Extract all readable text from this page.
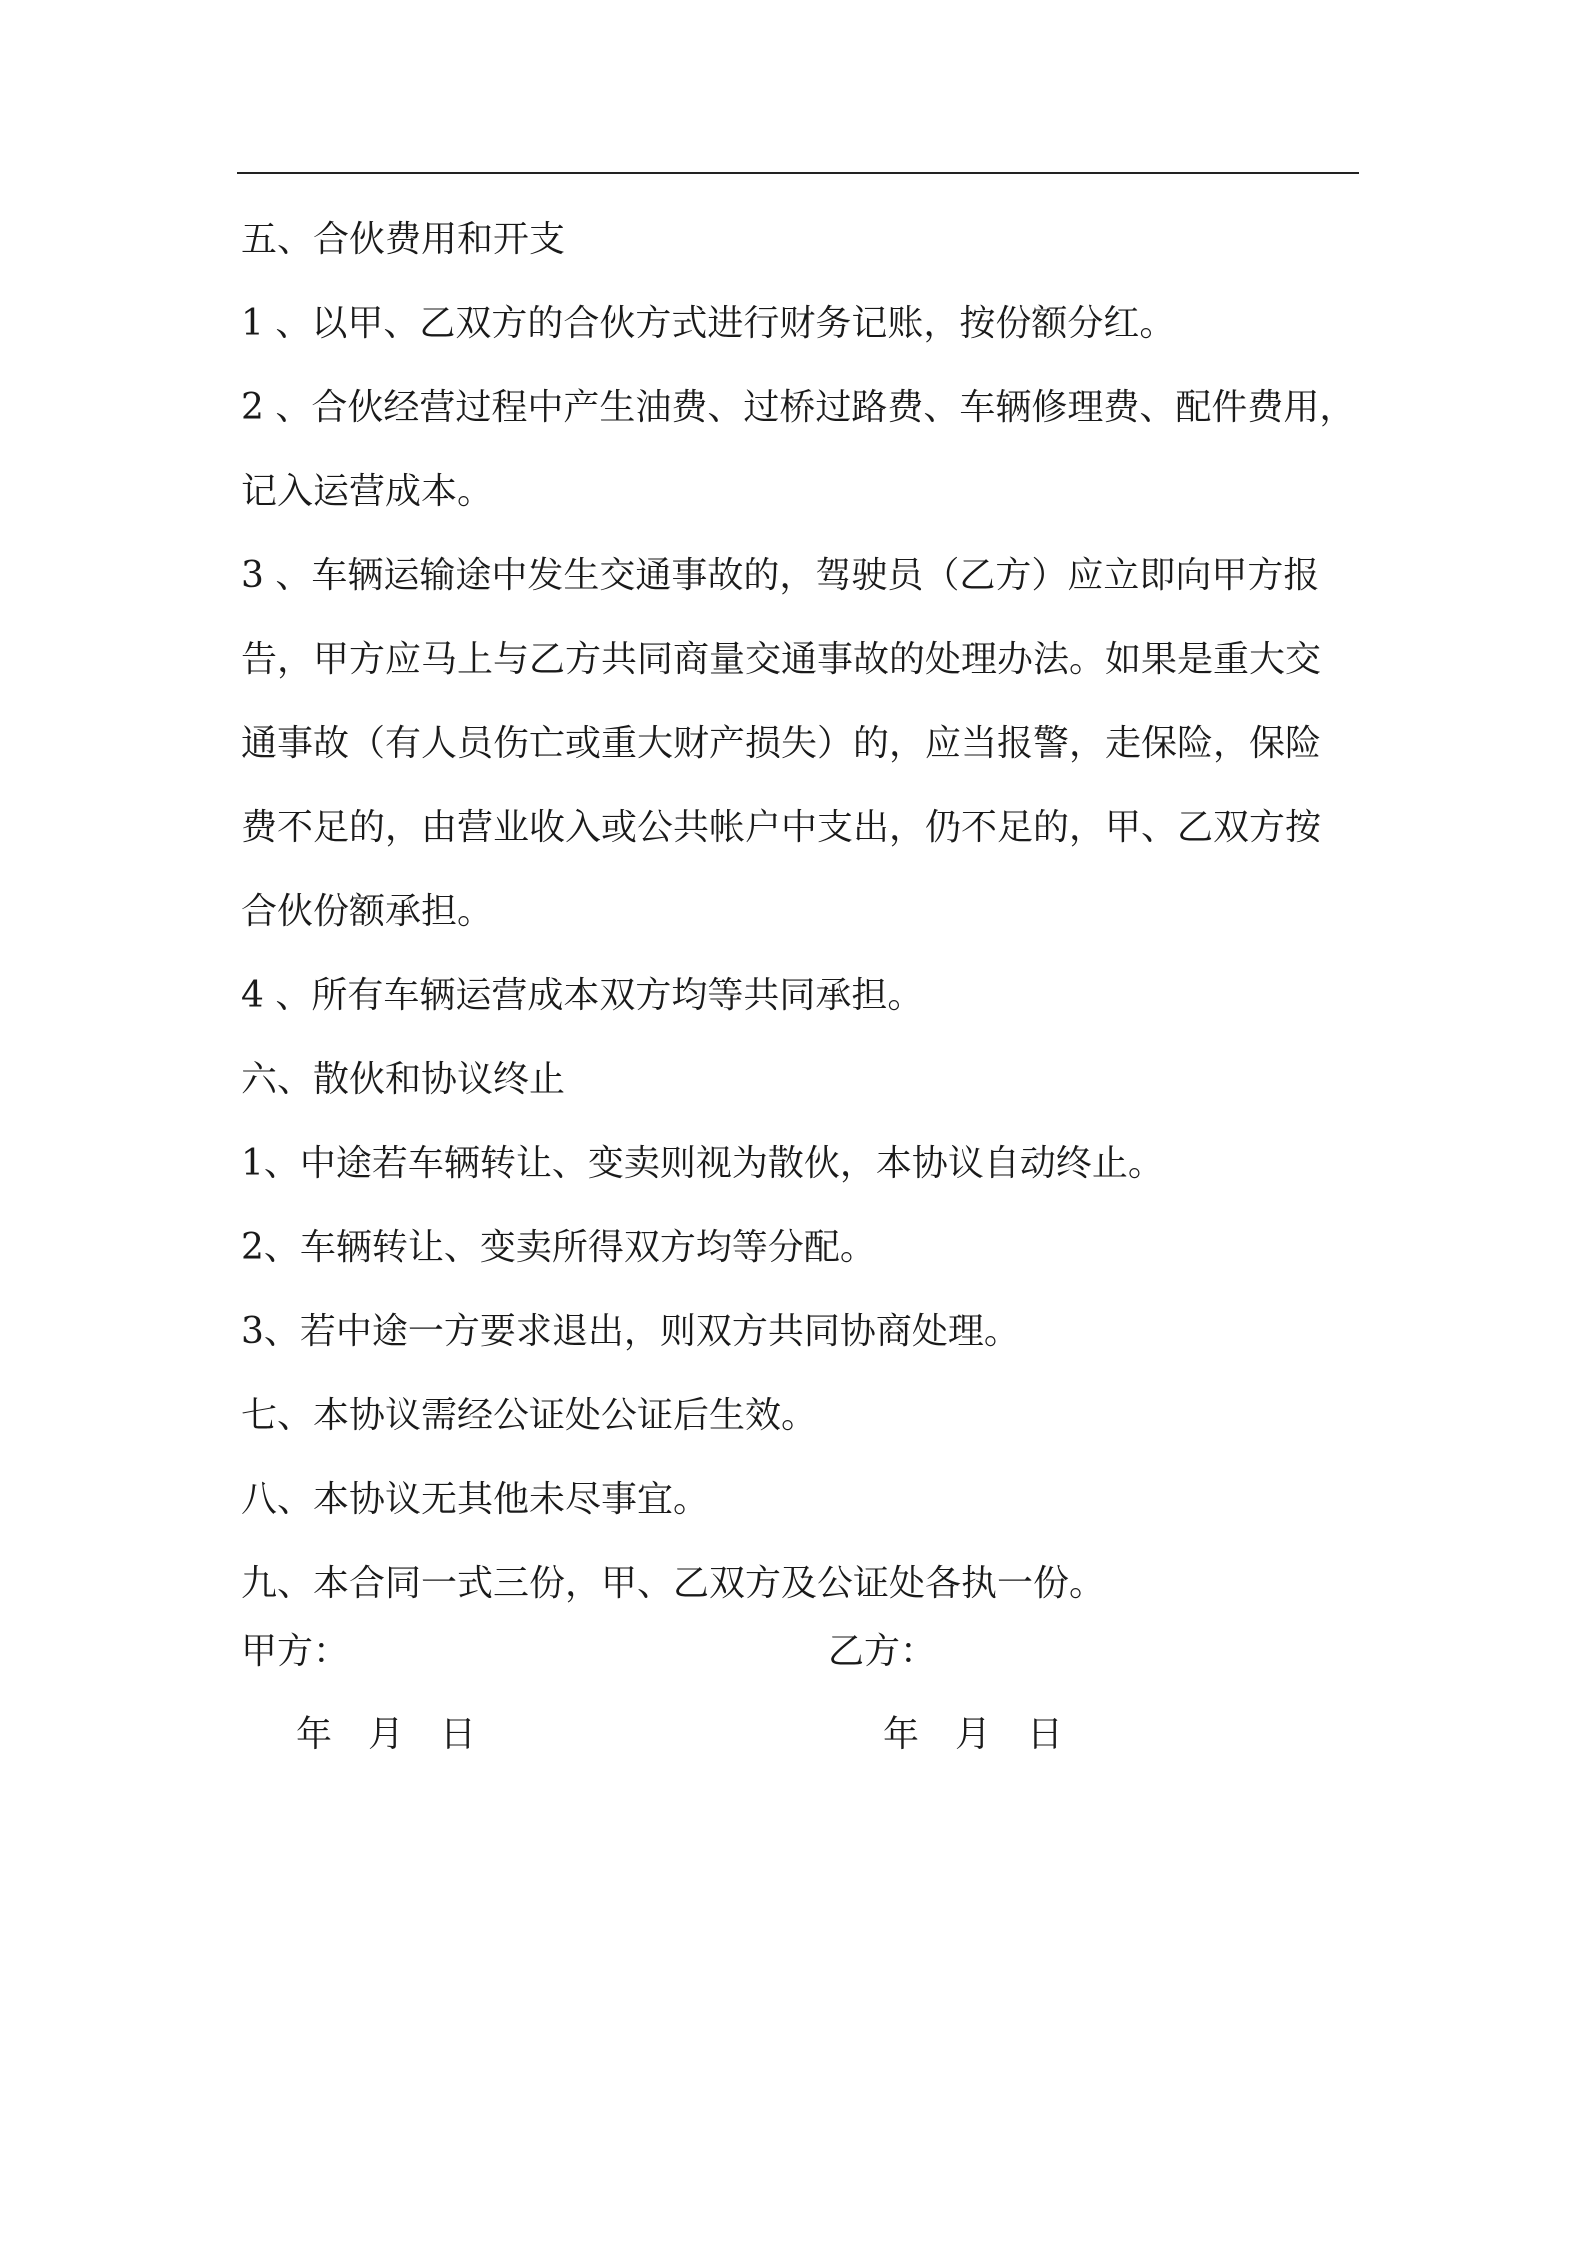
五、合伙费用和开支
1 、以甲、乙双方的合伙方式进行财务记账，按份额分红。
2 、合伙经营过程中产生油费、过桥过路费、车辆修理费、配件费用，
记入运营成本。
3 、车辆运输途中发生交通事故的，驾驶员（乙方）应立即向甲方报
告，甲方应马上与乙方共同商量交通事故的处理办法。如果是重大交
通事故（有人员伤亡或重大财产损失）的，应当报警，走保险，保险
费不足的，由营业收入或公共帐户中支出，仍不足的，甲、乙双方按
合伙份额承担。
4 、所有车辆运营成本双方均等共同承担。
六、散伙和协议终止
1、中途若车辆转让、变卖则视为散伙，本协议自动终止。
2、车辆转让、变卖所得双方均等分配。
3、若中途一方要求退出，则双方共同协商处理。
七、本协议需经公证处公证后生效。
八、本协议无其他未尽事宜。
九、本合同一式三份，甲、乙双方及公证处各执一份。
甲方：	乙方：
年　月　日	年　月　日
